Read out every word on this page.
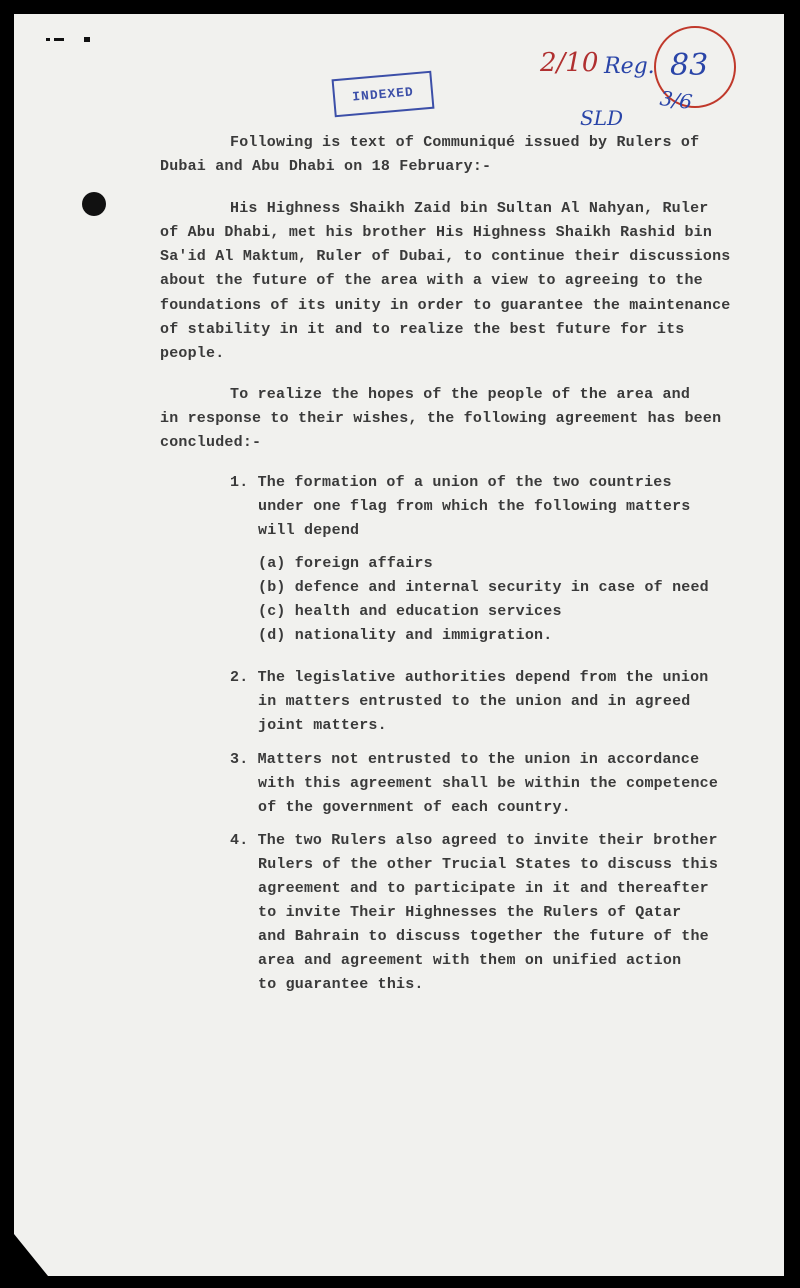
INDEXED
2/10 Reg. 83
SLD
3/6

Following is text of Communiqué issued by Rulers of

Dubai and Abu Dhabi on 18 February:-

His Highness Shaikh Zaid bin Sultan Al Nahyan, Ruler

of Abu Dhabi, met his brother His Highness Shaikh Rashid bin

Sa'id Al Maktum, Ruler of Dubai, to continue their discussions

about the future of the area with a view to agreeing to the

foundations of its unity in order to guarantee the maintenance

of stability in it and to realize the best future for its

people.

To realize the hopes of the people of the area and

in response to their wishes, the following agreement has been

concluded:-

1. The formation of a union of the two countries

under one flag from which the following matters

will depend

(a) foreign affairs

(b) defence and internal security in case of need

(c) health and education services

(d) nationality and immigration.

2. The legislative authorities depend from the union

in matters entrusted to the union and in agreed

joint matters.

3. Matters not entrusted to the union in accordance

with this agreement shall be within the competence

of the government of each country.

4. The two Rulers also agreed to invite their brother

Rulers of the other Trucial States to discuss this

agreement and to participate in it and thereafter

to invite Their Highnesses the Rulers of Qatar

and Bahrain to discuss together the future of the

area and agreement with them on unified action

to guarantee this.
